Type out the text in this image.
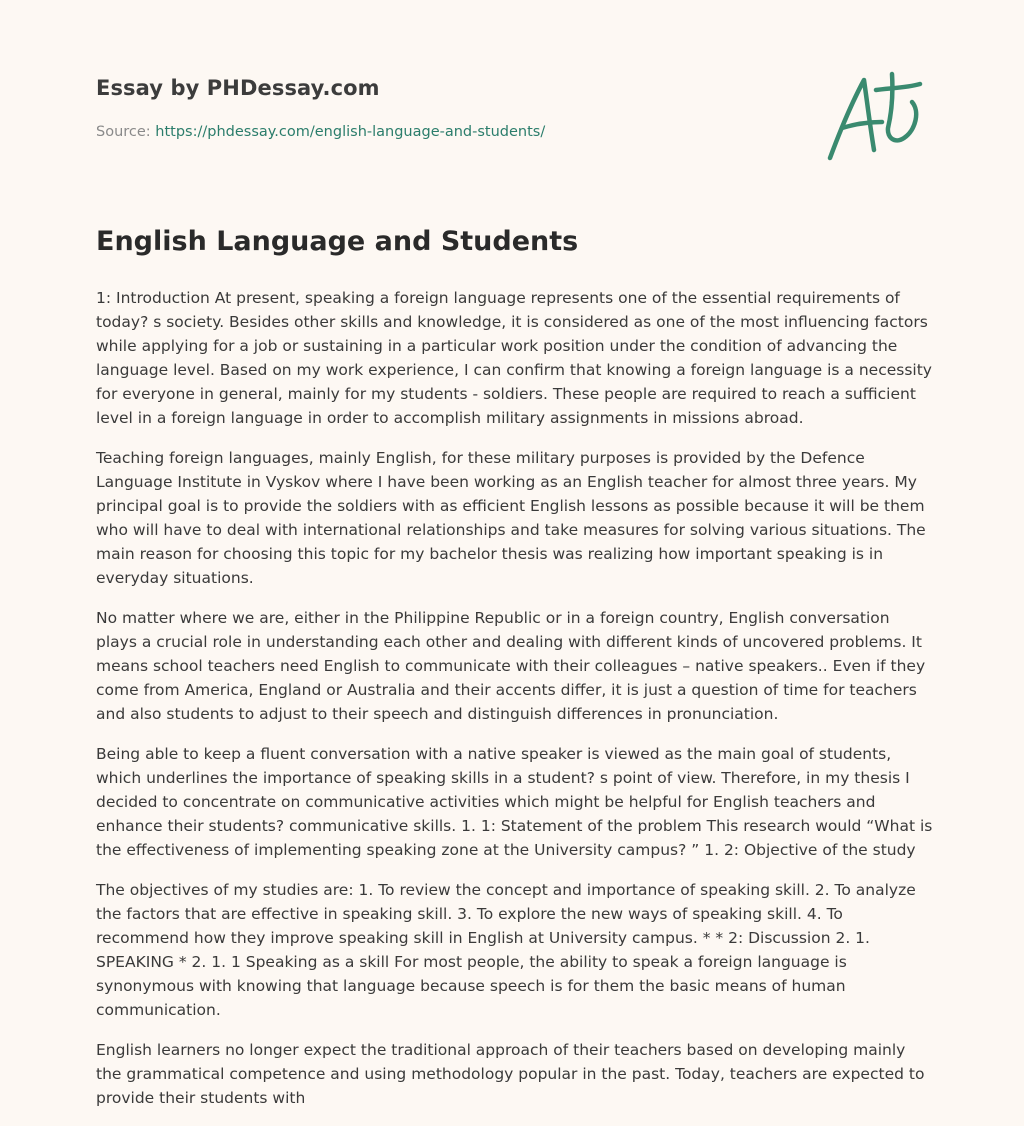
Essay by PHDessay.com
Source: https://phdessay.com/english-language-and-students/
English Language and Students

1: Introduction At present, speaking a foreign language represents one of the essential requirements of today? s society. Besides other skills and knowledge, it is considered as one of the most influencing factors while applying for a job or sustaining in a particular work position under the condition of advancing the language level. Based on my work experience, I can confirm that knowing a foreign language is a necessity for everyone in general, mainly for my students - soldiers. These people are required to reach a sufficient level in a foreign language in order to accomplish military assignments in missions abroad.

Teaching foreign languages, mainly English, for these military purposes is provided by the Defence Language Institute in Vyskov where I have been working as an English teacher for almost three years. My principal goal is to provide the soldiers with as efficient English lessons as possible because it will be them who will have to deal with international relationships and take measures for solving various situations. The main reason for choosing this topic for my bachelor thesis was realizing how important speaking is in everyday situations.

No matter where we are, either in the Philippine Republic or in a foreign country, English conversation plays a crucial role in understanding each other and dealing with different kinds of uncovered problems. It means school teachers need English to communicate with their colleagues – native speakers.. Even if they come from America, England or Australia and their accents differ, it is just a question of time for teachers and also students to adjust to their speech and distinguish differences in pronunciation.

Being able to keep a fluent conversation with a native speaker is viewed as the main goal of students, which underlines the importance of speaking skills in a student? s point of view. Therefore, in my thesis I decided to concentrate on communicative activities which might be helpful for English teachers and enhance their students? communicative skills. 1. 1: Statement of the problem This research would “What is the effectiveness of implementing speaking zone at the University campus? ” 1. 2: Objective of the study

The objectives of my studies are: 1. To review the concept and importance of speaking skill. 2. To analyze the factors that are effective in speaking skill. 3. To explore the new ways of speaking skill. 4. To recommend how they improve speaking skill in English at University campus. * * 2: Discussion 2. 1. SPEAKING * 2. 1. 1 Speaking as a skill For most people, the ability to speak a foreign language is synonymous with knowing that language because speech is for them the basic means of human communication.

English learners no longer expect the traditional approach of their teachers based on developing mainly the grammatical competence and using methodology popular in the past. Today, teachers are expected to provide their students with
